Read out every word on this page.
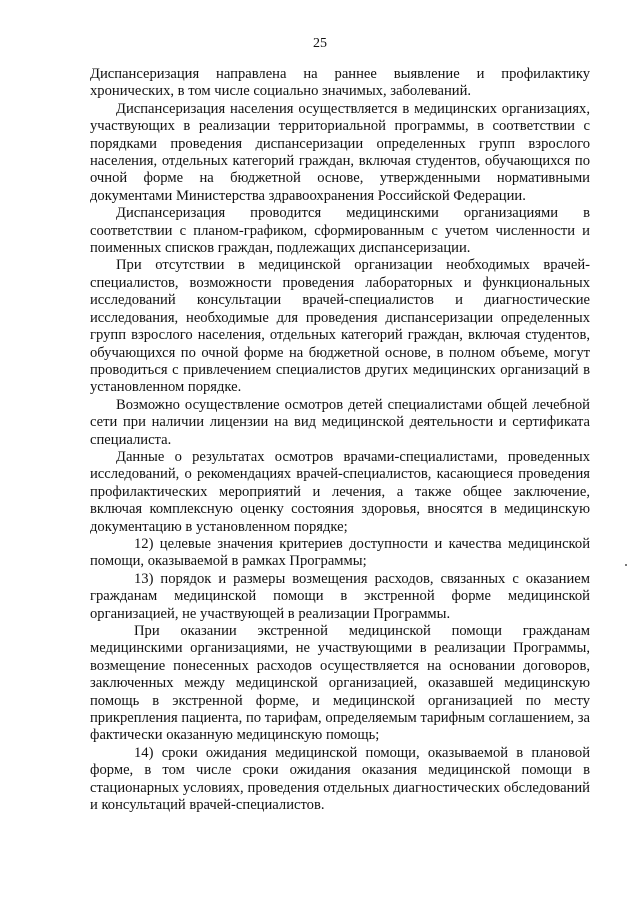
25

Диспансеризация направлена на раннее выявление и профилактику хронических, в том числе социально значимых, заболеваний.

Диспансеризация населения осуществляется в медицинских организациях, участвующих в реализации территориальной программы, в соответствии с порядками проведения диспансеризации определенных групп взрослого населения, отдельных категорий граждан, включая студентов, обучающихся по очной форме на бюджетной основе, утвержденными нормативными документами Министерства здравоохранения Российской Федерации.

Диспансеризация проводится медицинскими организациями в соответствии с планом-графиком, сформированным с учетом численности и поименных списков граждан, подлежащих диспансеризации.

При отсутствии в медицинской организации необходимых врачей-специалистов, возможности проведения лабораторных и функциональных исследований консультации врачей-специалистов и диагностические исследования, необходимые для проведения диспансеризации определенных групп взрослого населения, отдельных категорий граждан, включая студентов, обучающихся по очной форме на бюджетной основе, в полном объеме, могут проводиться с привлечением специалистов других медицинских организаций в установленном порядке.

Возможно осуществление осмотров детей специалистами общей лечебной сети при наличии лицензии на вид медицинской деятельности и сертификата специалиста.

Данные о результатах осмотров врачами-специалистами, проведенных исследований, о рекомендациях врачей-специалистов, касающиеся проведения профилактических мероприятий и лечения, а также общее заключение, включая комплексную оценку состояния здоровья, вносятся в медицинскую документацию в установленном порядке;

12) целевые значения критериев доступности и качества медицинской помощи, оказываемой в рамках Программы;

13) порядок и размеры возмещения расходов, связанных с оказанием гражданам медицинской помощи в экстренной форме медицинской организацией, не участвующей в реализации Программы.

При оказании экстренной медицинской помощи гражданам медицинскими организациями, не участвующими в реализации Программы, возмещение понесенных расходов осуществляется на основании договоров, заключенных между медицинской организацией, оказавшей медицинскую помощь в экстренной форме, и медицинской организацией по месту прикрепления пациента, по тарифам, определяемым тарифным соглашением, за фактически оказанную медицинскую помощь;

14) сроки ожидания медицинской помощи, оказываемой в плановой форме, в том числе сроки ожидания оказания медицинской помощи в стационарных условиях, проведения отдельных диагностических обследований и консультаций врачей-специалистов.
